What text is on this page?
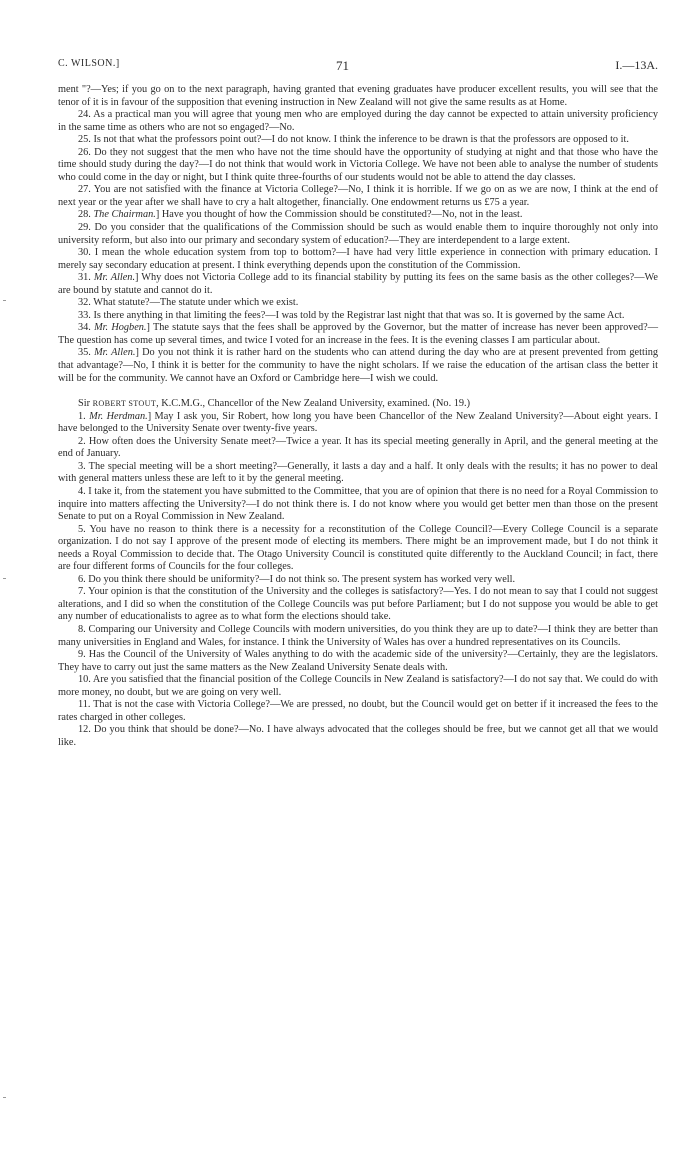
C. WILSON.]	71	I.—13A.

ment "?—Yes; if you go on to the next paragraph, having granted that evening graduates have producer excellent results, you will see that the tenor of it is in favour of the supposition that evening instruction in New Zealand will not give the same results as at Home.

24. As a practical man you will agree that young men who are employed during the day cannot be expected to attain university proficiency in the same time as others who are not so engaged?—No.

25. Is not that what the professors point out?—I do not know. I think the inference to be drawn is that the professors are opposed to it.

26. Do they not suggest that the men who have not the time should have the opportunity of studying at night and that those who have the time should study during the day?—I do not think that would work in Victoria College. We have not been able to analyse the number of students who could come in the day or night, but I think quite three-fourths of our students would not be able to attend the day classes.

27. You are not satisfied with the finance at Victoria College?—No, I think it is horrible. If we go on as we are now, I think at the end of next year or the year after we shall have to cry a halt altogether, financially. One endowment returns us £75 a year.

28. The Chairman.] Have you thought of how the Commission should be constituted?—No, not in the least.

29. Do you consider that the qualifications of the Commission should be such as would enable them to inquire thoroughly not only into university reform, but also into our primary and secondary system of education?—They are interdependent to a large extent.

30. I mean the whole education system from top to bottom?—I have had very little experience in connection with primary education. I merely say secondary education at present. I think everything depends upon the constitution of the Commission.

31. Mr. Allen.] Why does not Victoria College add to its financial stability by putting its fees on the same basis as the other colleges?—We are bound by statute and cannot do it.

32. What statute?—The statute under which we exist.

33. Is there anything in that limiting the fees?—I was told by the Registrar last night that that was so. It is governed by the same Act.

34. Mr. Hogben.] The statute says that the fees shall be approved by the Governor, but the matter of increase has never been approved?—The question has come up several times, and twice I voted for an increase in the fees. It is the evening classes I am particular about.

35. Mr. Allen.] Do you not think it is rather hard on the students who can attend during the day who are at present prevented from getting that advantage?—No, I think it is better for the community to have the night scholars. If we raise the education of the artisan class the better it will be for the community. We cannot have an Oxford or Cambridge here—I wish we could.

Sir ROBERT STOUT, K.C.M.G., Chancellor of the New Zealand University, examined. (No. 19.)

1. Mr. Herdman.] May I ask you, Sir Robert, how long you have been Chancellor of the New Zealand University?—About eight years. I have belonged to the University Senate over twenty-five years.

2. How often does the University Senate meet?—Twice a year. It has its special meeting generally in April, and the general meeting at the end of January.

3. The special meeting will be a short meeting?—Generally, it lasts a day and a half. It only deals with the results; it has no power to deal with general matters unless these are left to it by the general meeting.

4. I take it, from the statement you have submitted to the Committee, that you are of opinion that there is no need for a Royal Commission to inquire into matters affecting the University?—I do not think there is. I do not know where you would get better men than those on the present Senate to put on a Royal Commission in New Zealand.

5. You have no reason to think there is a necessity for a reconstitution of the College Council?—Every College Council is a separate organization. I do not say I approve of the present mode of electing its members. There might be an improvement made, but I do not think it needs a Royal Commission to decide that. The Otago University Council is constituted quite differently to the Auckland Council; in fact, there are four different forms of Councils for the four colleges.

6. Do you think there should be uniformity?—I do not think so. The present system has worked very well.

7. Your opinion is that the constitution of the University and the colleges is satisfactory?—Yes. I do not mean to say that I could not suggest alterations, and I did so when the constitution of the College Councils was put before Parliament; but I do not suppose you would be able to get any number of educationalists to agree as to what form the elections should take.

8. Comparing our University and College Councils with modern universities, do you think they are up to date?—I think they are better than many universities in England and Wales, for instance. I think the University of Wales has over a hundred representatives on its Councils.

9. Has the Council of the University of Wales anything to do with the academic side of the university?—Certainly, they are the legislators. They have to carry out just the same matters as the New Zealand University Senate deals with.

10. Are you satisfied that the financial position of the College Councils in New Zealand is satisfactory?—I do not say that. We could do with more money, no doubt, but we are going on very well.

11. That is not the case with Victoria College?—We are pressed, no doubt, but the Council would get on better if it increased the fees to the rates charged in other colleges.

12. Do you think that should be done?—No. I have always advocated that the colleges should be free, but we cannot get all that we would like.
